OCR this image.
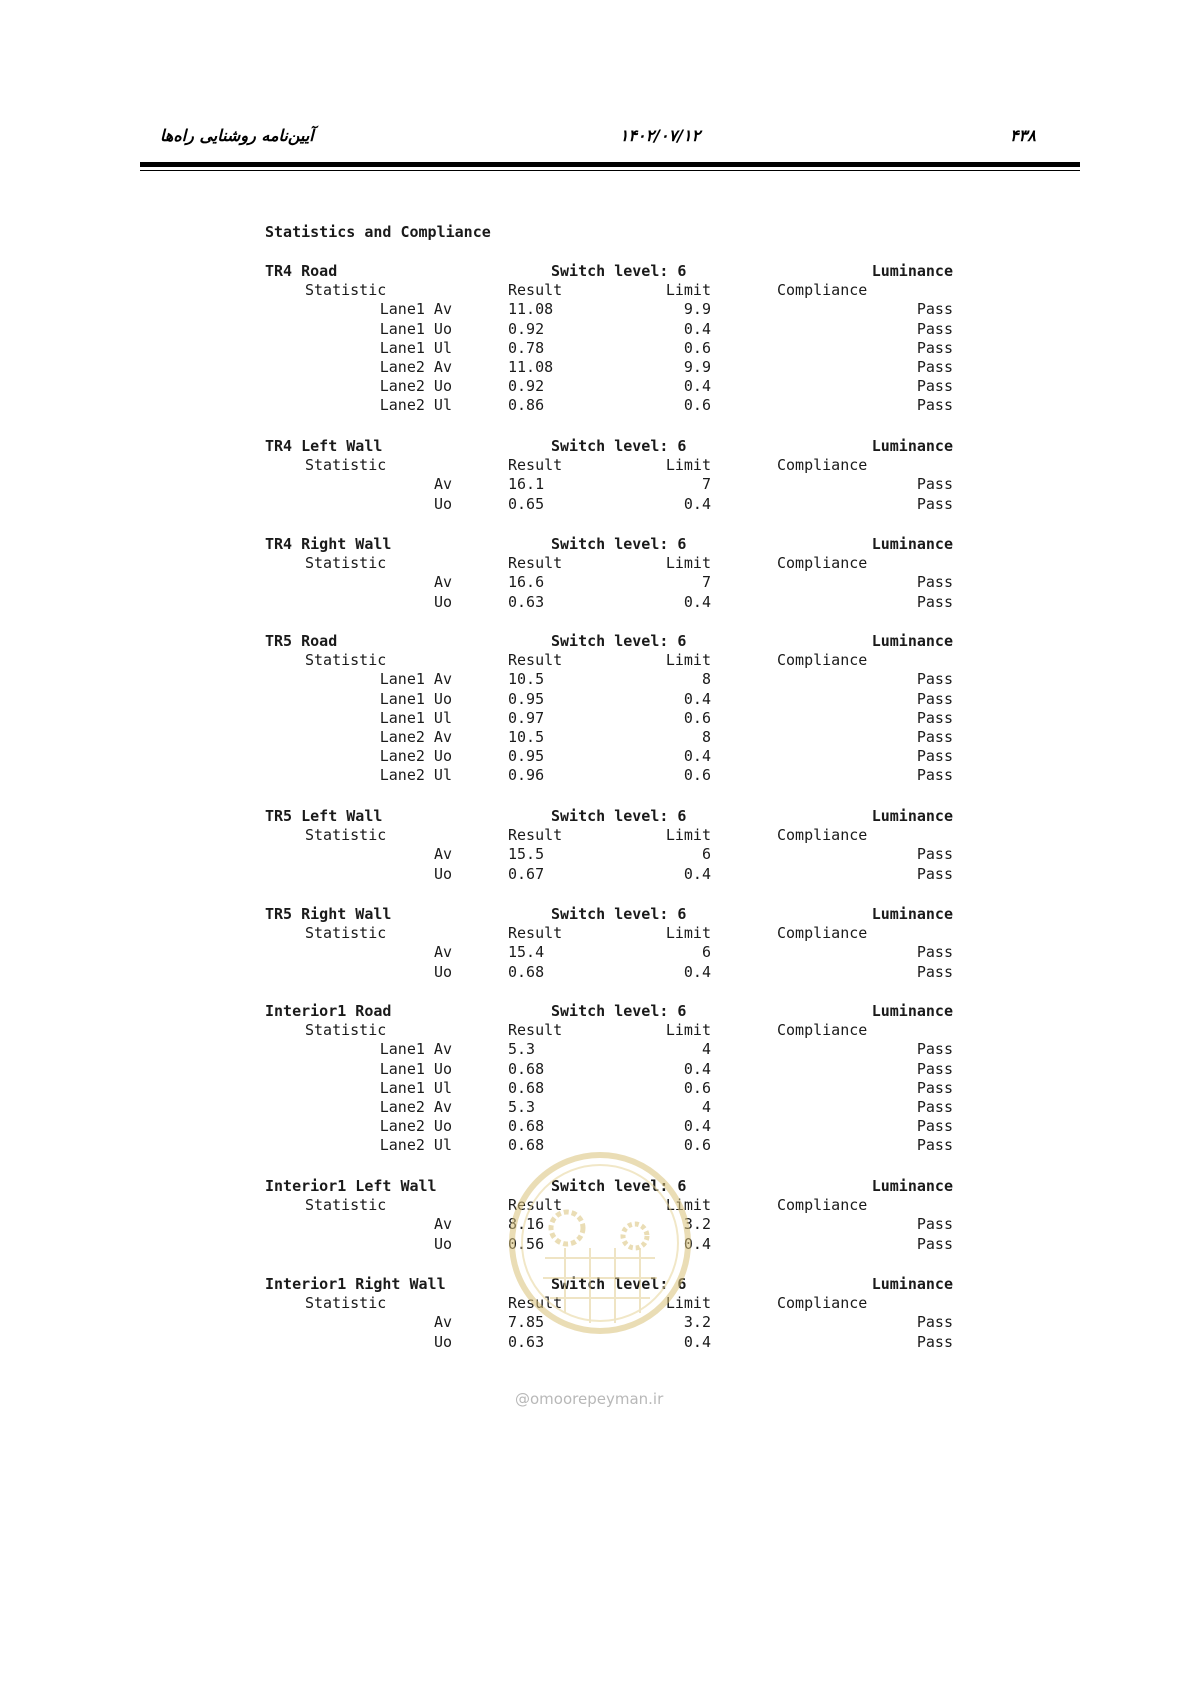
آیین‌نامه روشنایی راه‌ها	۱۴۰۲/۰۷/۱۲	۴۳۸
Statistics and Compliance
TR4 Road	Switch level: 6	Luminance
Statistic	Result	Limit	Compliance
Lane1 Av	11.08	9.9	Pass
Lane1 Uo	0.92	0.4	Pass
Lane1 Ul	0.78	0.6	Pass
Lane2 Av	11.08	9.9	Pass
Lane2 Uo	0.92	0.4	Pass
Lane2 Ul	0.86	0.6	Pass
TR4 Left Wall	Switch level: 6	Luminance
Statistic	Result	Limit	Compliance
Av	16.1	7	Pass
Uo	0.65	0.4	Pass
TR4 Right Wall	Switch level: 6	Luminance
Statistic	Result	Limit	Compliance
Av	16.6	7	Pass
Uo	0.63	0.4	Pass
TR5 Road	Switch level: 6	Luminance
Statistic	Result	Limit	Compliance
Lane1 Av	10.5	8	Pass
Lane1 Uo	0.95	0.4	Pass
Lane1 Ul	0.97	0.6	Pass
Lane2 Av	10.5	8	Pass
Lane2 Uo	0.95	0.4	Pass
Lane2 Ul	0.96	0.6	Pass
TR5 Left Wall	Switch level: 6	Luminance
Statistic	Result	Limit	Compliance
Av	15.5	6	Pass
Uo	0.67	0.4	Pass
TR5 Right Wall	Switch level: 6	Luminance
Statistic	Result	Limit	Compliance
Av	15.4	6	Pass
Uo	0.68	0.4	Pass
Interior1 Road	Switch level: 6	Luminance
Statistic	Result	Limit	Compliance
Lane1 Av	5.3	4	Pass
Lane1 Uo	0.68	0.4	Pass
Lane1 Ul	0.68	0.6	Pass
Lane2 Av	5.3	4	Pass
Lane2 Uo	0.68	0.4	Pass
Lane2 Ul	0.68	0.6	Pass
Interior1 Left Wall	Switch level: 6	Luminance
Statistic	Result	Limit	Compliance
Av	8.16	3.2	Pass
Uo	0.56	0.4	Pass
Interior1 Right Wall	Switch level: 6	Luminance
Statistic	Result	Limit	Compliance
Av	7.85	3.2	Pass
Uo	0.63	0.4	Pass
@omoorepeyman.ir
